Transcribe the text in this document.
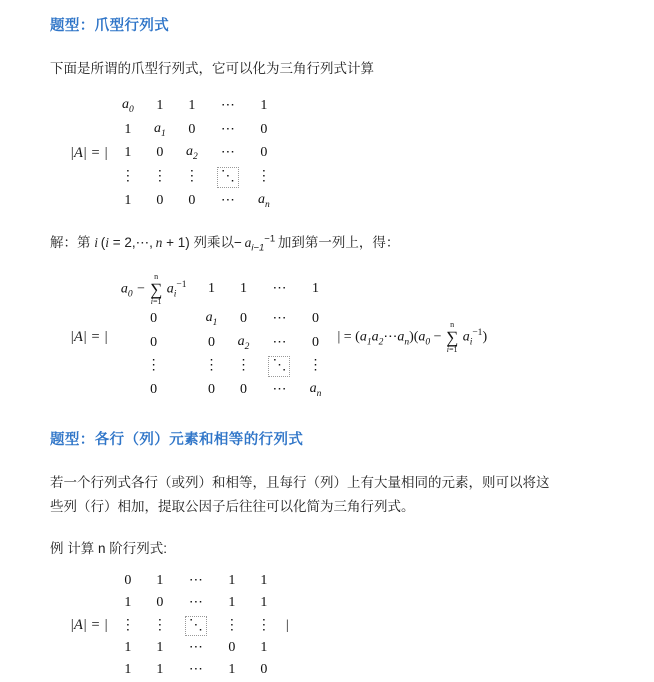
题型：爪型行列式
下面是所谓的爪型行列式，它可以化为三角行列式计算
|A| = |
$a_0$	1	1	⋯	1
1	$a_1$	0	⋯	0
1	0	$a_2$	⋯	0
⋮	⋮	⋮	⋱	⋮
1	0	0	⋯	$a_n$
解：第 i (i = 2,⋯, n + 1) 列乘以− $a_{i-1}^{-1}$ 加到第一列上，得：
|A| = |
$a_0$ −
n
∑
i=1
$a_i^{-1}$	1	1	⋯	1
0	$a_1$	0	⋯	0
0	0	$a_2$	⋯	0
⋮	⋮	⋮	⋱	⋮
0	0	0	⋯	$a_n$
| = $(a_1a_2\cdots a_n)(a_0$ −
n
∑
i=1
$a_i^{-1}$)
题型：各行（列）元素和相等的行列式
若一个行列式各行（或列）和相等，且每行（列）上有大量相同的元素，则可以将这
些列（行）相加，提取公因子后往往可以化简为三角行列式。
例 计算 n 阶行列式:
|A| = |
0	1	⋯	1	1
1	0	⋯	1	1
⋮	⋮	⋱	⋮	⋮
1	1	⋯	0	1
1	1	⋯	1	0
|
